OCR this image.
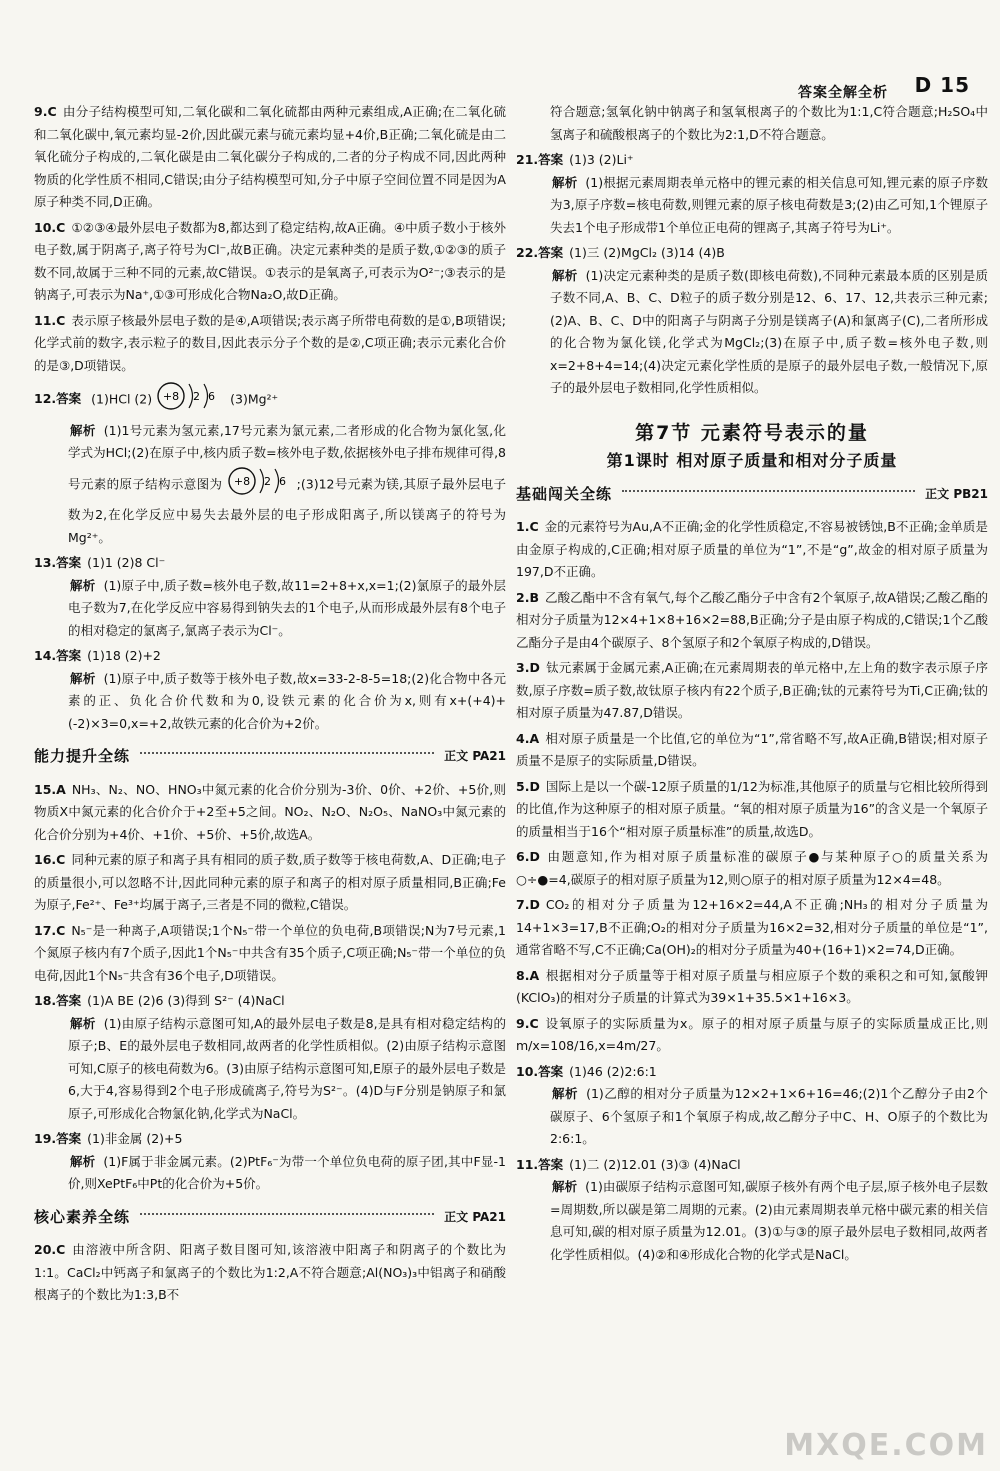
答案全解全析 D 15
9.C 由分子结构模型可知,二氧化碳和二氧化硫都由两种元素组成,A正确;在二氧化硫和二氧化碳中,氧元素均显-2价,因此碳元素与硫元素均显+4价,B正确;二氧化硫是由二氧化硫分子构成的,二氧化碳是由二氧化碳分子构成的,二者的分子构成不同,因此两种物质的化学性质不相同,C错误;由分子结构模型可知,分子中原子空间位置不同是因为A原子种类不同,D正确。
10.C ①②③④最外层电子数都为8,都达到了稳定结构,故A正确。④中质子数小于核外电子数,属于阴离子,离子符号为Cl⁻,故B正确。决定元素种类的是质子数,①②③的质子数不同,故属于三种不同的元素,故C错误。①表示的是氧离子,可表示为O²⁻;③表示的是钠离子,可表示为Na⁺,①③可形成化合物Na₂O,故D正确。
11.C 表示原子核最外层电子数的是④,A项错误;表示离子所带电荷数的是①,B项错误;化学式前的数字,表示粒子的数目,因此表示分子个数的是②,C项正确;表示元素化合价的是③,D项错误。
12.答案 (1)HCl (2) +8 2 6 (3)Mg²⁺
解析 (1)1号元素为氢元素,17号元素为氯元素,二者形成的化合物为氯化氢,化学式为HCl;(2)在原子中,核内质子数=核外电子数,依据核外电子排布规律可得,8号元素的原子结构示意图为 +8 2 6 ;(3)12号元素为镁,其原子最外层电子数为2,在化学反应中易失去最外层的电子形成阳离子,所以镁离子的符号为Mg²⁺。
13.答案 (1)1 (2)8 Cl⁻
解析 (1)原子中,质子数=核外电子数,故11=2+8+x,x=1;(2)氯原子的最外层电子数为7,在化学反应中容易得到钠失去的1个电子,从而形成最外层有8个电子的相对稳定的氯离子,氯离子表示为Cl⁻。
14.答案 (1)18 (2)+2
解析 (1)原子中,质子数等于核外电子数,故x=33-2-8-5=18;(2)化合物中各元素的正、负化合价代数和为0,设铁元素的化合价为x,则有x+(+4)+(-2)×3=0,x=+2,故铁元素的化合价为+2价。
能力提升全练	正文 PA21
15.A NH₃、N₂、NO、HNO₃中氮元素的化合价分别为-3价、0价、+2价、+5价,则物质X中氮元素的化合价介于+2至+5之间。NO₂、N₂O、N₂O₅、NaNO₃中氮元素的化合价分别为+4价、+1价、+5价、+5价,故选A。
16.C 同种元素的原子和离子具有相同的质子数,质子数等于核电荷数,A、D正确;电子的质量很小,可以忽略不计,因此同种元素的原子和离子的相对原子质量相同,B正确;Fe为原子,Fe²⁺、Fe³⁺均属于离子,三者是不同的微粒,C错误。
17.C N₅⁻是一种离子,A项错误;1个N₅⁻带一个单位的负电荷,B项错误;N为7号元素,1个氮原子核内有7个质子,因此1个N₅⁻中共含有35个质子,C项正确;N₅⁻带一个单位的负电荷,因此1个N₅⁻共含有36个电子,D项错误。
18.答案 (1)A BE (2)6 (3)得到 S²⁻ (4)NaCl
解析 (1)由原子结构示意图可知,A的最外层电子数是8,是具有相对稳定结构的原子;B、E的最外层电子数相同,故两者的化学性质相似。(2)由原子结构示意图可知,C原子的核电荷数为6。(3)由原子结构示意图可知,E原子的最外层电子数是6,大于4,容易得到2个电子形成硫离子,符号为S²⁻。(4)D与F分别是钠原子和氯原子,可形成化合物氯化钠,化学式为NaCl。
19.答案 (1)非金属 (2)+5
解析 (1)F属于非金属元素。(2)PtF₆⁻为带一个单位负电荷的原子团,其中F显-1价,则XePtF₆中Pt的化合价为+5价。
核心素养全练	正文 PA21
20.C 由溶液中所含阴、阳离子数目图可知,该溶液中阳离子和阴离子的个数比为1:1。CaCl₂中钙离子和氯离子的个数比为1:2,A不符合题意;Al(NO₃)₃中铝离子和硝酸根离子的个数比为1:3,B不
符合题意;氢氧化钠中钠离子和氢氧根离子的个数比为1:1,C符合题意;H₂SO₄中氢离子和硫酸根离子的个数比为2:1,D不符合题意。
21.答案 (1)3 (2)Li⁺
解析 (1)根据元素周期表单元格中的锂元素的相关信息可知,锂元素的原子序数为3,原子序数=核电荷数,则锂元素的原子核电荷数是3;(2)由乙可知,1个锂原子失去1个电子形成带1个单位正电荷的锂离子,其离子符号为Li⁺。
22.答案 (1)三 (2)MgCl₂ (3)14 (4)B
解析 (1)决定元素种类的是质子数(即核电荷数),不同种元素最本质的区别是质子数不同,A、B、C、D粒子的质子数分别是12、6、17、12,共表示三种元素;(2)A、B、C、D中的阳离子与阴离子分别是镁离子(A)和氯离子(C),二者所形成的化合物为氯化镁,化学式为MgCl₂;(3)在原子中,质子数=核外电子数,则x=2+8+4=14;(4)决定元素化学性质的是原子的最外层电子数,一般情况下,原子的最外层电子数相同,化学性质相似。
第7节 元素符号表示的量
第1课时 相对原子质量和相对分子质量
基础闯关全练	正文 PB21
1.C 金的元素符号为Au,A不正确;金的化学性质稳定,不容易被锈蚀,B不正确;金单质是由金原子构成的,C正确;相对原子质量的单位为“1”,不是“g”,故金的相对原子质量为197,D不正确。
2.B 乙酸乙酯中不含有氧气,每个乙酸乙酯分子中含有2个氧原子,故A错误;乙酸乙酯的相对分子质量为12×4+1×8+16×2=88,B正确;分子是由原子构成的,C错误;1个乙酸乙酯分子是由4个碳原子、8个氢原子和2个氧原子构成的,D错误。
3.D 钛元素属于金属元素,A正确;在元素周期表的单元格中,左上角的数字表示原子序数,原子序数=质子数,故钛原子核内有22个质子,B正确;钛的元素符号为Ti,C正确;钛的相对原子质量为47.87,D错误。
4.A 相对原子质量是一个比值,它的单位为“1”,常省略不写,故A正确,B错误;相对原子质量不是原子的实际质量,D错误。
5.D 国际上是以一个碳-12原子质量的1/12为标准,其他原子的质量与它相比较所得到的比值,作为这种原子的相对原子质量。“氧的相对原子质量为16”的含义是一个氧原子的质量相当于16个“相对原子质量标准”的质量,故选D。
6.D 由题意知,作为相对原子质量标准的碳原子●与某种原子○的质量关系为○÷●=4,碳原子的相对原子质量为12,则○原子的相对原子质量为12×4=48。
7.D CO₂的相对分子质量为12+16×2=44,A不正确;NH₃的相对分子质量为14+1×3=17,B不正确;O₂的相对分子质量为16×2=32,相对分子质量的单位是“1”,通常省略不写,C不正确;Ca(OH)₂的相对分子质量为40+(16+1)×2=74,D正确。
8.A 根据相对分子质量等于相对原子质量与相应原子个数的乘积之和可知,氯酸钾(KClO₃)的相对分子质量的计算式为39×1+35.5×1+16×3。
9.C 设氧原子的实际质量为x。原子的相对原子质量与原子的实际质量成正比,则m/x=108/16,x=4m/27。
10.答案 (1)46 (2)2:6:1
解析 (1)乙醇的相对分子质量为12×2+1×6+16=46;(2)1个乙醇分子由2个碳原子、6个氢原子和1个氧原子构成,故乙醇分子中C、H、O原子的个数比为2:6:1。
11.答案 (1)二 (2)12.01 (3)③ (4)NaCl
解析 (1)由碳原子结构示意图可知,碳原子核外有两个电子层,原子核外电子层数=周期数,所以碳是第二周期的元素。(2)由元素周期表单元格中碳元素的相关信息可知,碳的相对原子质量为12.01。(3)①与③的原子最外层电子数相同,故两者化学性质相似。(4)②和④形成化合物的化学式是NaCl。
MXQE.COM
